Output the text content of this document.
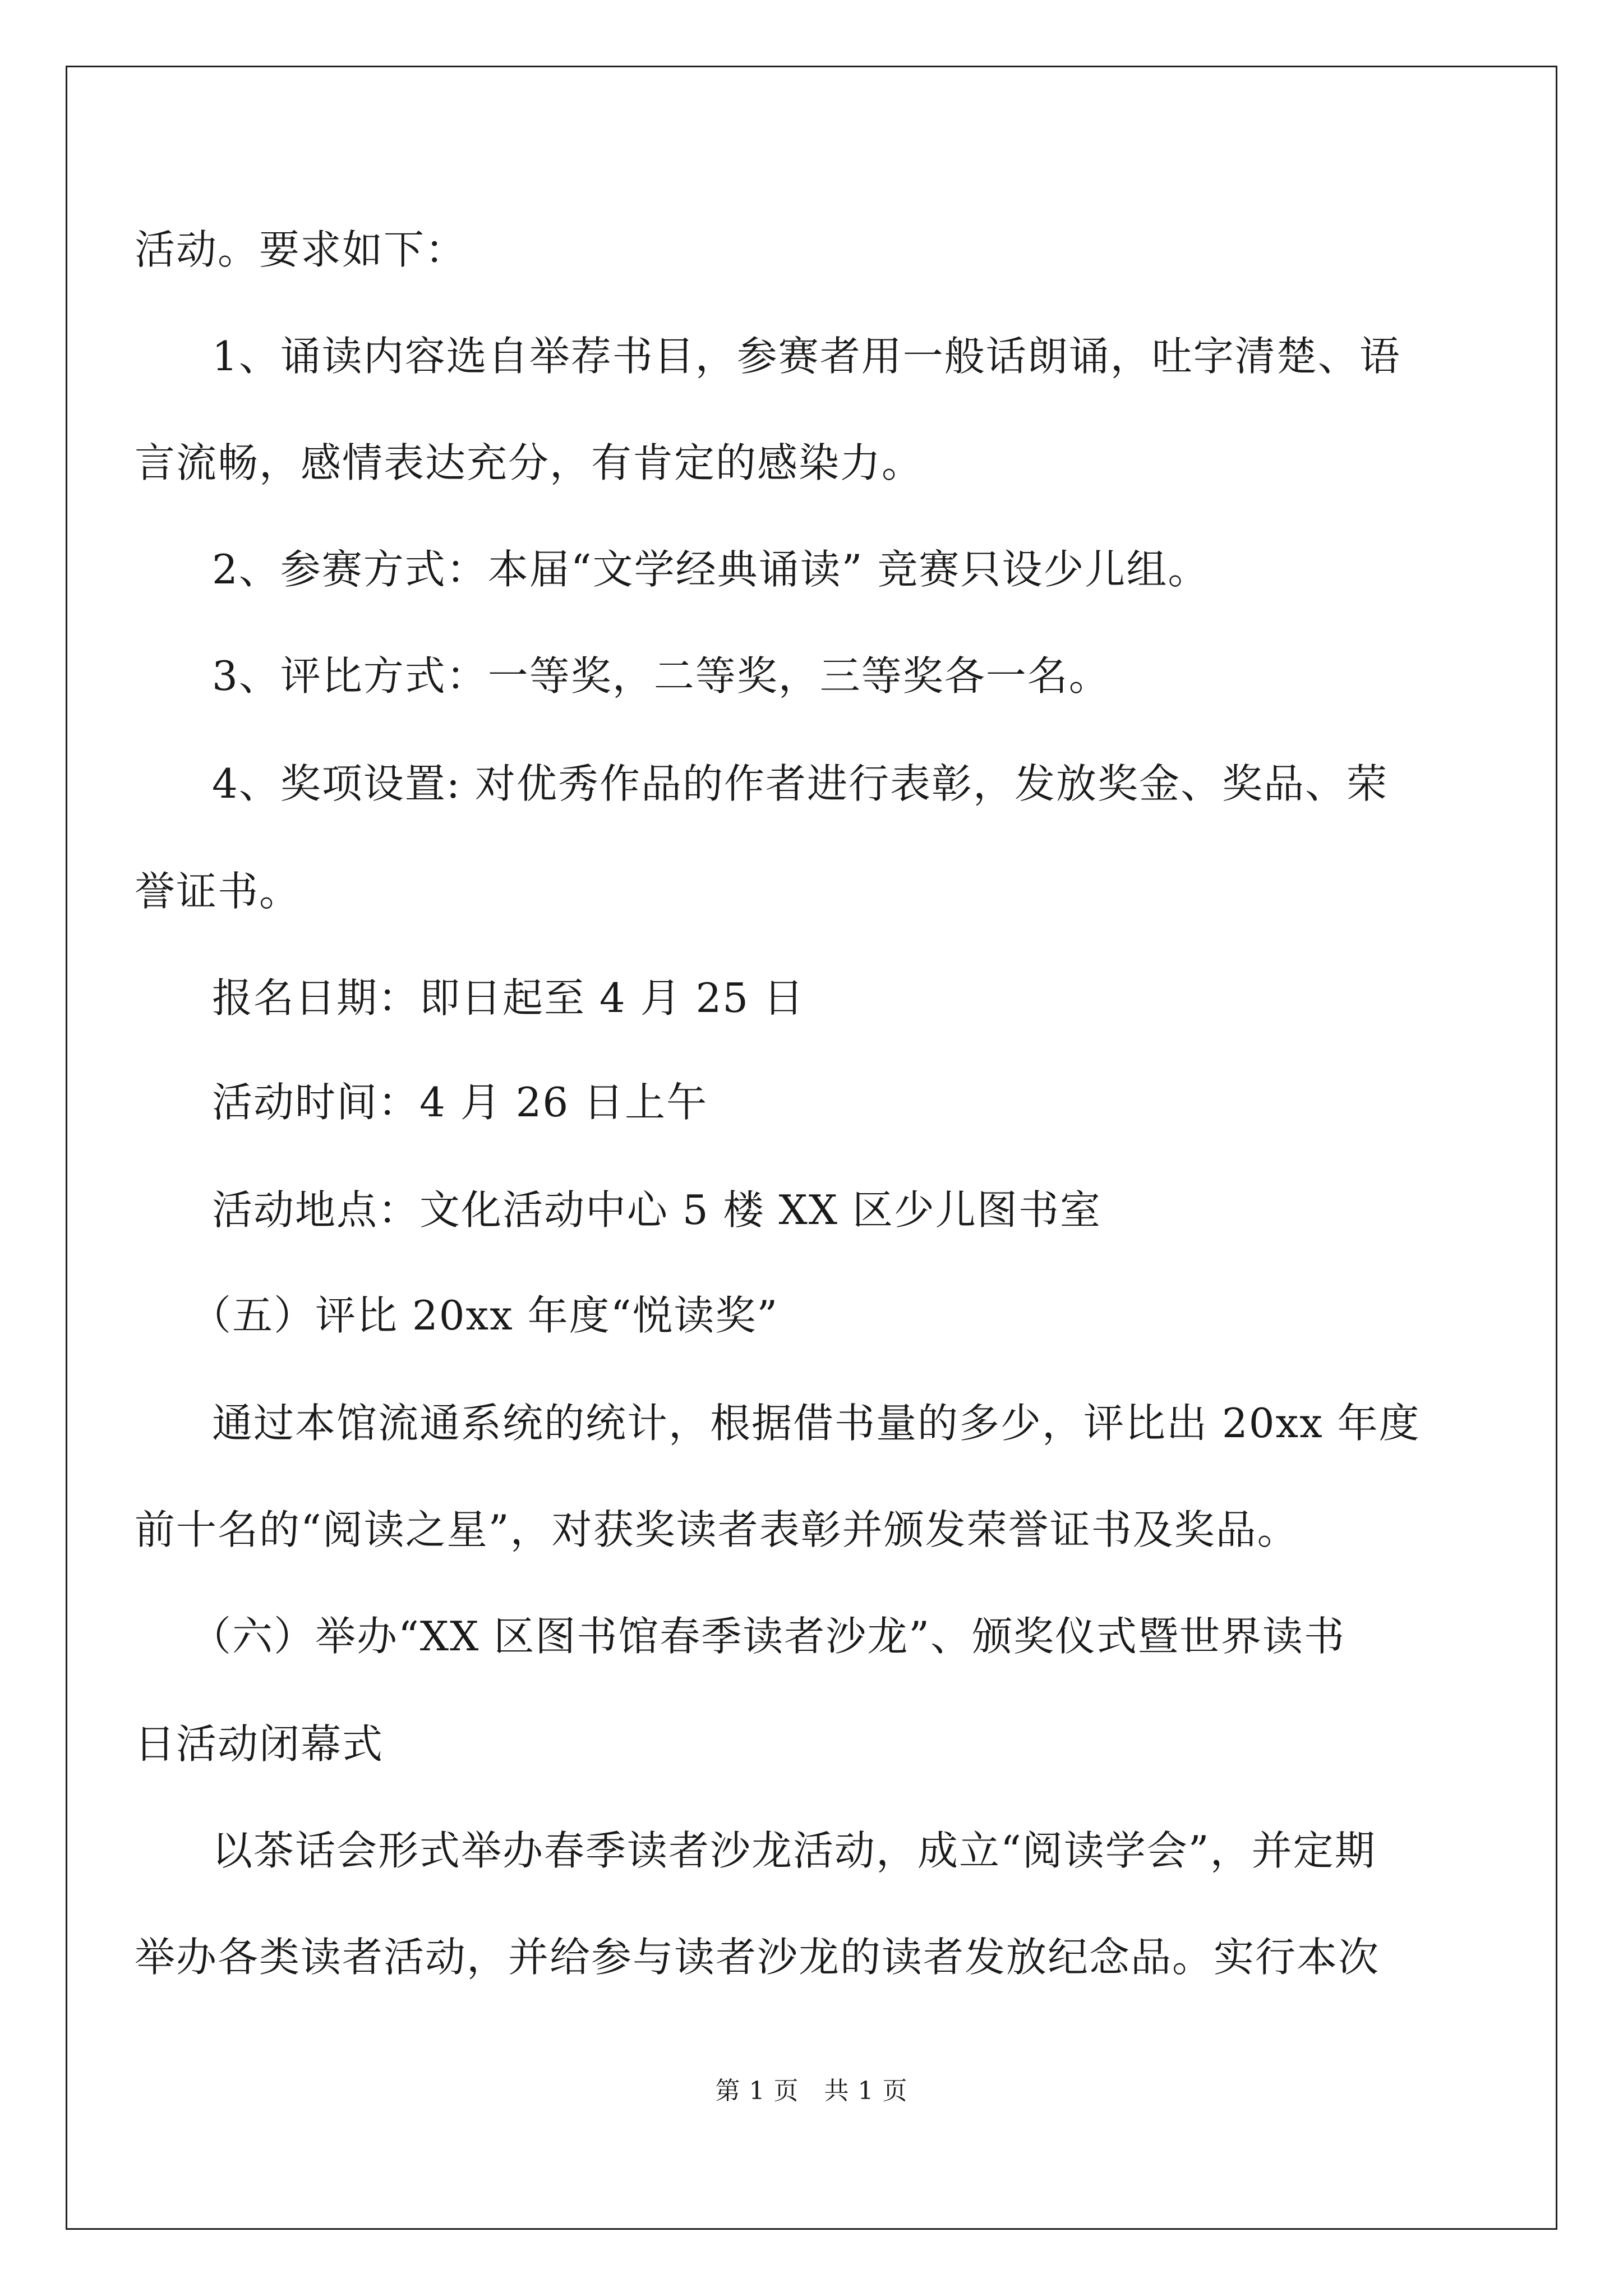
活动。要求如下：
1、诵读内容选自举荐书目，参赛者用一般话朗诵，吐字清楚、语
言流畅，感情表达充分，有肯定的感染力。
2、参赛方式：本届“文学经典诵读” 竞赛只设少儿组。
3、评比方式：一等奖，二等奖，三等奖各一名。
4、奖项设置: 对优秀作品的作者进行表彰，发放奖金、奖品、荣
誉证书。
报名日期：即日起至 4 月 25 日
活动时间：4 月 26 日上午
活动地点：文化活动中心 5 楼 XX 区少儿图书室
（五）评比 20xx 年度“悦读奖”
通过本馆流通系统的统计，根据借书量的多少，评比出 20xx 年度
前十名的“阅读之星”，对获奖读者表彰并颁发荣誉证书及奖品。
（六）举办“XX 区图书馆春季读者沙龙”、颁奖仪式暨世界读书
日活动闭幕式
以茶话会形式举办春季读者沙龙活动，成立“阅读学会”，并定期
举办各类读者活动，并给参与读者沙龙的读者发放纪念品。实行本次
第 1 页　共 1 页
